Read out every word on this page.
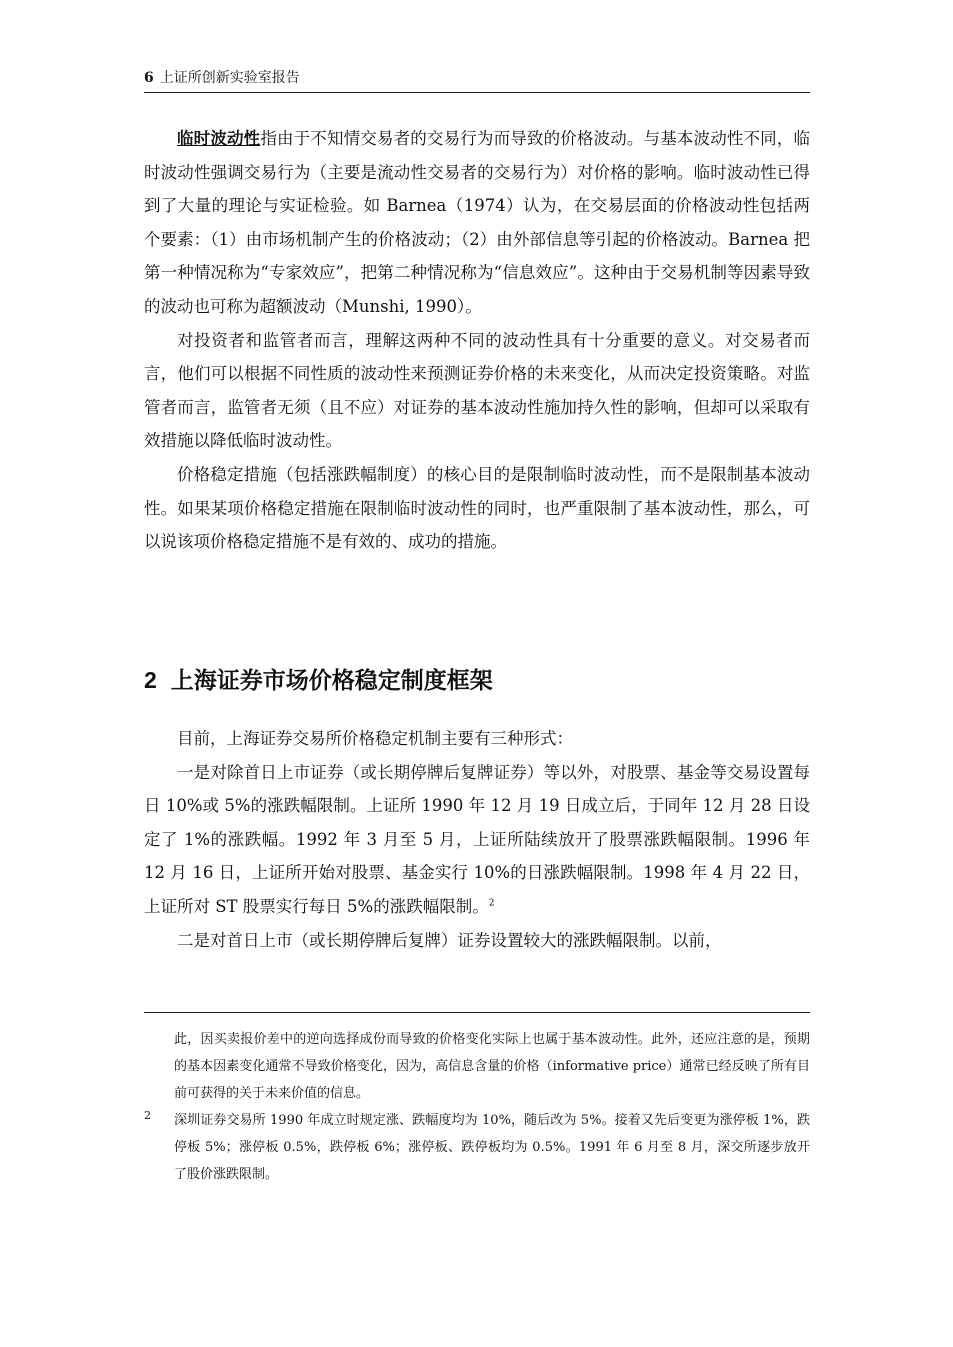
6 上证所创新实验室报告

临时波动性指由于不知情交易者的交易行为而导致的价格波动。与基本波动性不同，临时波动性强调交易行为（主要是流动性交易者的交易行为）对价格的影响。临时波动性已得到了大量的理论与实证检验。如 Barnea（1974）认为，在交易层面的价格波动性包括两个要素：（1）由市场机制产生的价格波动；（2）由外部信息等引起的价格波动。Barnea 把第一种情况称为“专家效应”，把第二种情况称为“信息效应”。这种由于交易机制等因素导致的波动也可称为超额波动（Munshi, 1990）。

对投资者和监管者而言，理解这两种不同的波动性具有十分重要的意义。对交易者而言，他们可以根据不同性质的波动性来预测证券价格的未来变化，从而决定投资策略。对监管者而言，监管者无须（且不应）对证券的基本波动性施加持久性的影响，但却可以采取有效措施以降低临时波动性。

价格稳定措施（包括涨跌幅制度）的核心目的是限制临时波动性，而不是限制基本波动性。如果某项价格稳定措施在限制临时波动性的同时，也严重限制了基本波动性，那么，可以说该项价格稳定措施不是有效的、成功的措施。

2 上海证券市场价格稳定制度框架

目前，上海证券交易所价格稳定机制主要有三种形式：

一是对除首日上市证券（或长期停牌后复牌证券）等以外，对股票、基金等交易设置每日 10%或 5%的涨跌幅限制。上证所 1990 年 12 月 19 日成立后，于同年 12 月 28 日设定了 1%的涨跌幅。1992 年 3 月至 5 月，上证所陆续放开了股票涨跌幅限制。1996 年 12 月 16 日，上证所开始对股票、基金实行 10%的日涨跌幅限制。1998 年 4 月 22 日，上证所对 ST 股票实行每日 5%的涨跌幅限制。$^2$

二是对首日上市（或长期停牌后复牌）证券设置较大的涨跌幅限制。以前，

此，因买卖报价差中的逆向选择成份而导致的价格变化实际上也属于基本波动性。此外，还应注意的是，预期的基本因素变化通常不导致价格变化，因为，高信息含量的价格（informative price）通常已经反映了所有目前可获得的关于未来价值的信息。

2 深圳证券交易所 1990 年成立时规定涨、跌幅度均为 10%，随后改为 5%。接着又先后变更为涨停板 1%，跌停板 5%；涨停板 0.5%，跌停板 6%；涨停板、跌停板均为 0.5%。1991 年 6 月至 8 月，深交所逐步放开了股价涨跌限制。
